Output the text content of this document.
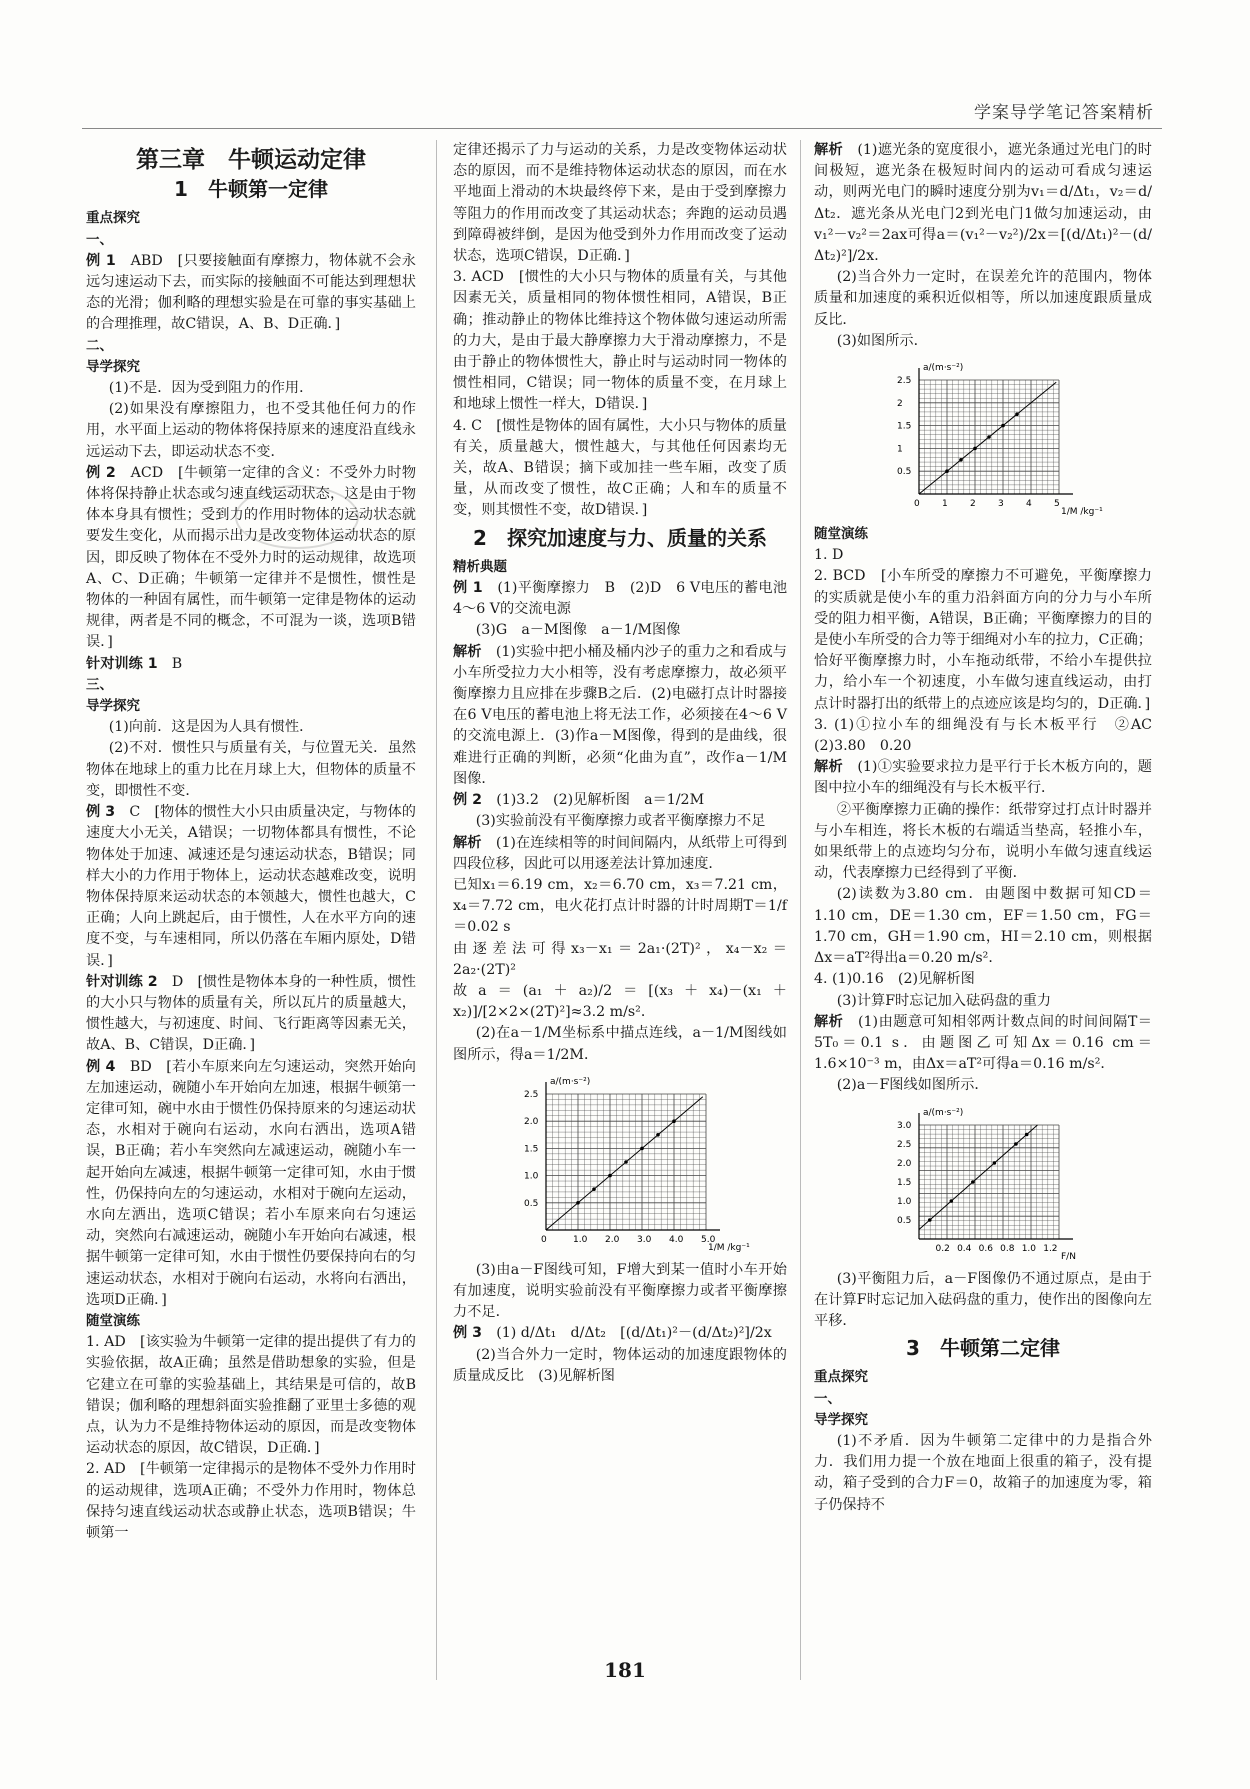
学案导学笔记答案精析
第三章　牛顿运动定律
1　牛顿第一定律
重点探究
一、

例 1　 ABD　[只要接触面有摩擦力，物体就不会永远匀速运动下去，而实际的接触面不可能达到理想状态的光滑；伽利略的理想实验是在可靠的事实基础上的合理推理，故C错误，A、B、D正确．]

二、
导学探究

(1)不是．因为受到阻力的作用．

(2)如果没有摩擦阻力，也不受其他任何力的作用，水平面上运动的物体将保持原来的速度沿直线永远运动下去，即运动状态不变．

例 2　 ACD　[牛顿第一定律的含义：不受外力时物体将保持静止状态或匀速直线运动状态，这是由于物体本身具有惯性；受到力的作用时物体的运动状态就要发生变化，从而揭示出力是改变物体运动状态的原因，即反映了物体在不受外力时的运动规律，故选项A、C、D正确；牛顿第一定律并不是惯性，惯性是物体的一种固有属性，而牛顿第一定律是物体的运动规律，两者是不同的概念，不可混为一谈，选项B错误．]

针对训练 1　 B

三、
导学探究

(1)向前．这是因为人具有惯性．

(2)不对．惯性只与质量有关，与位置无关．虽然物体在地球上的重力比在月球上大，但物体的质量不变，即惯性不变．

例 3　 C　[物体的惯性大小只由质量决定，与物体的速度大小无关，A错误；一切物体都具有惯性，不论物体处于加速、减速还是匀速运动状态，B错误；同样大小的力作用于物体上，运动状态越难改变，说明物体保持原来运动状态的本领越大，惯性也越大，C正确；人向上跳起后，由于惯性，人在水平方向的速度不变，与车速相同，所以仍落在车厢内原处，D错误．]

针对训练 2　 D　[惯性是物体本身的一种性质，惯性的大小只与物体的质量有关，所以瓦片的质量越大，惯性越大，与初速度、时间、飞行距离等因素无关，故A、B、C错误，D正确．]

例 4　 BD　[若小车原来向左匀速运动，突然开始向左加速运动，碗随小车开始向左加速，根据牛顿第一定律可知，碗中水由于惯性仍保持原来的匀速运动状态，水相对于碗向右运动，水向右洒出，选项A错误，B正确；若小车突然向左减速运动，碗随小车一起开始向左减速，根据牛顿第一定律可知，水由于惯性，仍保持向左的匀速运动，水相对于碗向左运动，水向左洒出，选项C错误；若小车原来向右匀速运动，突然向右减速运动，碗随小车开始向右减速，根据牛顿第一定律可知，水由于惯性仍要保持向右的匀速运动状态，水相对于碗向右运动，水将向右洒出，选项D正确．]

随堂演练

1. AD　[该实验为牛顿第一定律的提出提供了有力的实验依据，故A正确；虽然是借助想象的实验，但是它建立在可靠的实验基础上，其结果是可信的，故B错误；伽利略的理想斜面实验推翻了亚里士多德的观点，认为力不是维持物体运动的原因，而是改变物体运动状态的原因，故C错误，D正确．]

2. AD　[牛顿第一定律揭示的是物体不受外力作用时的运动规律，选项A正确；不受外力作用时，物体总保持匀速直线运动状态或静止状态，选项B错误；牛顿第一

定律还揭示了力与运动的关系，力是改变物体运动状态的原因，而不是维持物体运动状态的原因，而在水平地面上滑动的木块最终停下来，是由于受到摩擦力等阻力的作用而改变了其运动状态；奔跑的运动员遇到障碍被绊倒，是因为他受到外力作用而改变了运动状态，选项C错误，D正确．]

3. ACD　[惯性的大小只与物体的质量有关，与其他因素无关，质量相同的物体惯性相同，A错误，B正确；推动静止的物体比维持这个物体做匀速运动所需的力大，是由于最大静摩擦力大于滑动摩擦力，不是由于静止的物体惯性大，静止时与运动时同一物体的惯性相同，C错误；同一物体的质量不变，在月球上和地球上惯性一样大，D错误．]

4. C　[惯性是物体的固有属性，大小只与物体的质量有关，质量越大，惯性越大，与其他任何因素均无关，故A、B错误；摘下或加挂一些车厢，改变了质量，从而改变了惯性，故C正确；人和车的质量不变，则其惯性不变，故D错误．]

2　探究加速度与力、质量的关系
精析典题

例 1　 (1)平衡摩擦力　B　(2)D　6 V电压的蓄电池　4～6 V的交流电源

(3)G　a－M图像　a－1/M图像

解析　 (1)实验中把小桶及桶内沙子的重力之和看成与小车所受拉力大小相等，没有考虑摩擦力，故必须平衡摩擦力且应排在步骤B之后．(2)电磁打点计时器接在6 V电压的蓄电池上将无法工作，必须接在4～6 V的交流电源上．(3)作a－M图像，得到的是曲线，很难进行正确的判断，必须“化曲为直”，改作a－1/M图像．

例 2　 (1)3.2　(2)见解析图　a＝1/2M

(3)实验前没有平衡摩擦力或者平衡摩擦力不足

解析　 (1)在连续相等的时间间隔内，从纸带上可得到四段位移，因此可以用逐差法计算加速度．

已知x₁＝6.19 cm，x₂＝6.70 cm，x₃＝7.21 cm，x₄＝7.72 cm，电火花打点计时器的计时周期T＝1/f＝0.02 s

由逐差法可得x₃－x₁＝2a₁·(2T)²，x₄－x₂＝2a₂·(2T)²

故a＝(a₁＋a₂)/2＝[(x₃＋x₄)－(x₁＋x₂)]/[2×2×(2T)²]≈3.2 m/s²．

(2)在a－1/M坐标系中描点连线，a－1/M图线如图所示，得a＝1/2M．

a/(m·s⁻²)
1/M /kg⁻¹
0	1.0 2.0 3.0 4.0 5.0
0.5
1.0
1.5
2.0
2.5

(3)由a－F图线可知，F增大到某一值时小车开始有加速度，说明实验前没有平衡摩擦力或者平衡摩擦力不足．

例 3　 (1) d/Δt₁　d/Δt₂　[(d/Δt₁)²－(d/Δt₂)²]/2x

(2)当合外力一定时，物体运动的加速度跟物体的质量成反比　(3)见解析图

解析　 (1)遮光条的宽度很小，遮光条通过光电门的时间极短，遮光条在极短时间内的运动可看成匀速运动，则两光电门的瞬时速度分别为v₁＝d/Δt₁，v₂＝d/Δt₂．遮光条从光电门2到光电门1做匀加速运动，由v₁²－v₂²＝2ax可得a＝(v₁²－v₂²)/2x＝[(d/Δt₁)²－(d/Δt₂)²]/2x．

(2)当合外力一定时，在误差允许的范围内，物体质量和加速度的乘积近似相等，所以加速度跟质量成反比．

(3)如图所示．

a/(m·s⁻²)
1/M /kg⁻¹
0 1 2 3 4 5
0.5
1
1.5
2
2.5
随堂演练

1. D

2. BCD　[小车所受的摩擦力不可避免，平衡摩擦力的实质就是使小车的重力沿斜面方向的分力与小车所受的阻力相平衡，A错误，B正确；平衡摩擦力的目的是使小车所受的合力等于细绳对小车的拉力，C正确；恰好平衡摩擦力时，小车拖动纸带，不给小车提供拉力，给小车一个初速度，小车做匀速直线运动，由打点计时器打出的纸带上的点迹应该是均匀的，D正确．]

3. (1)①拉小车的细绳没有与长木板平行　②AC　(2)3.80　0.20

解析　 (1)①实验要求拉力是平行于长木板方向的，题图中拉小车的细绳没有与长木板平行．

②平衡摩擦力正确的操作：纸带穿过打点计时器并与小车相连，将长木板的右端适当垫高，轻推小车，如果纸带上的点迹均匀分布，说明小车做匀速直线运动，代表摩擦力已经得到了平衡．

(2)读数为3.80 cm．由题图中数据可知CD＝1.10 cm，DE＝1.30 cm，EF＝1.50 cm，FG＝1.70 cm，GH＝1.90 cm，HI＝2.10 cm，则根据Δx＝aT²得出a＝0.20 m/s²．

4. (1)0.16　(2)见解析图

(3)计算F时忘记加入砝码盘的重力

解析　 (1)由题意可知相邻两计数点间的时间间隔T＝5T₀＝0.1 s．由题图乙可知Δx＝0.16 cm＝1.6×10⁻³ m，由Δx＝aT²可得a＝0.16 m/s²．

(2)a－F图线如图所示．

a/(m·s⁻²)
F/N
0.2 0.4 0.6 0.8 1.0 1.2
0.5
1.0
1.5
2.0
2.5
3.0

(3)平衡阻力后，a－F图像仍不通过原点，是由于在计算F时忘记加入砝码盘的重力，使作出的图像向左平移．

3　牛顿第二定律
重点探究
一、
导学探究

(1)不矛盾．因为牛顿第二定律中的力是指合外力．我们用力提一个放在地面上很重的箱子，没有提动，箱子受到的合力F＝0，故箱子的加速度为零，箱子仍保持不

181
